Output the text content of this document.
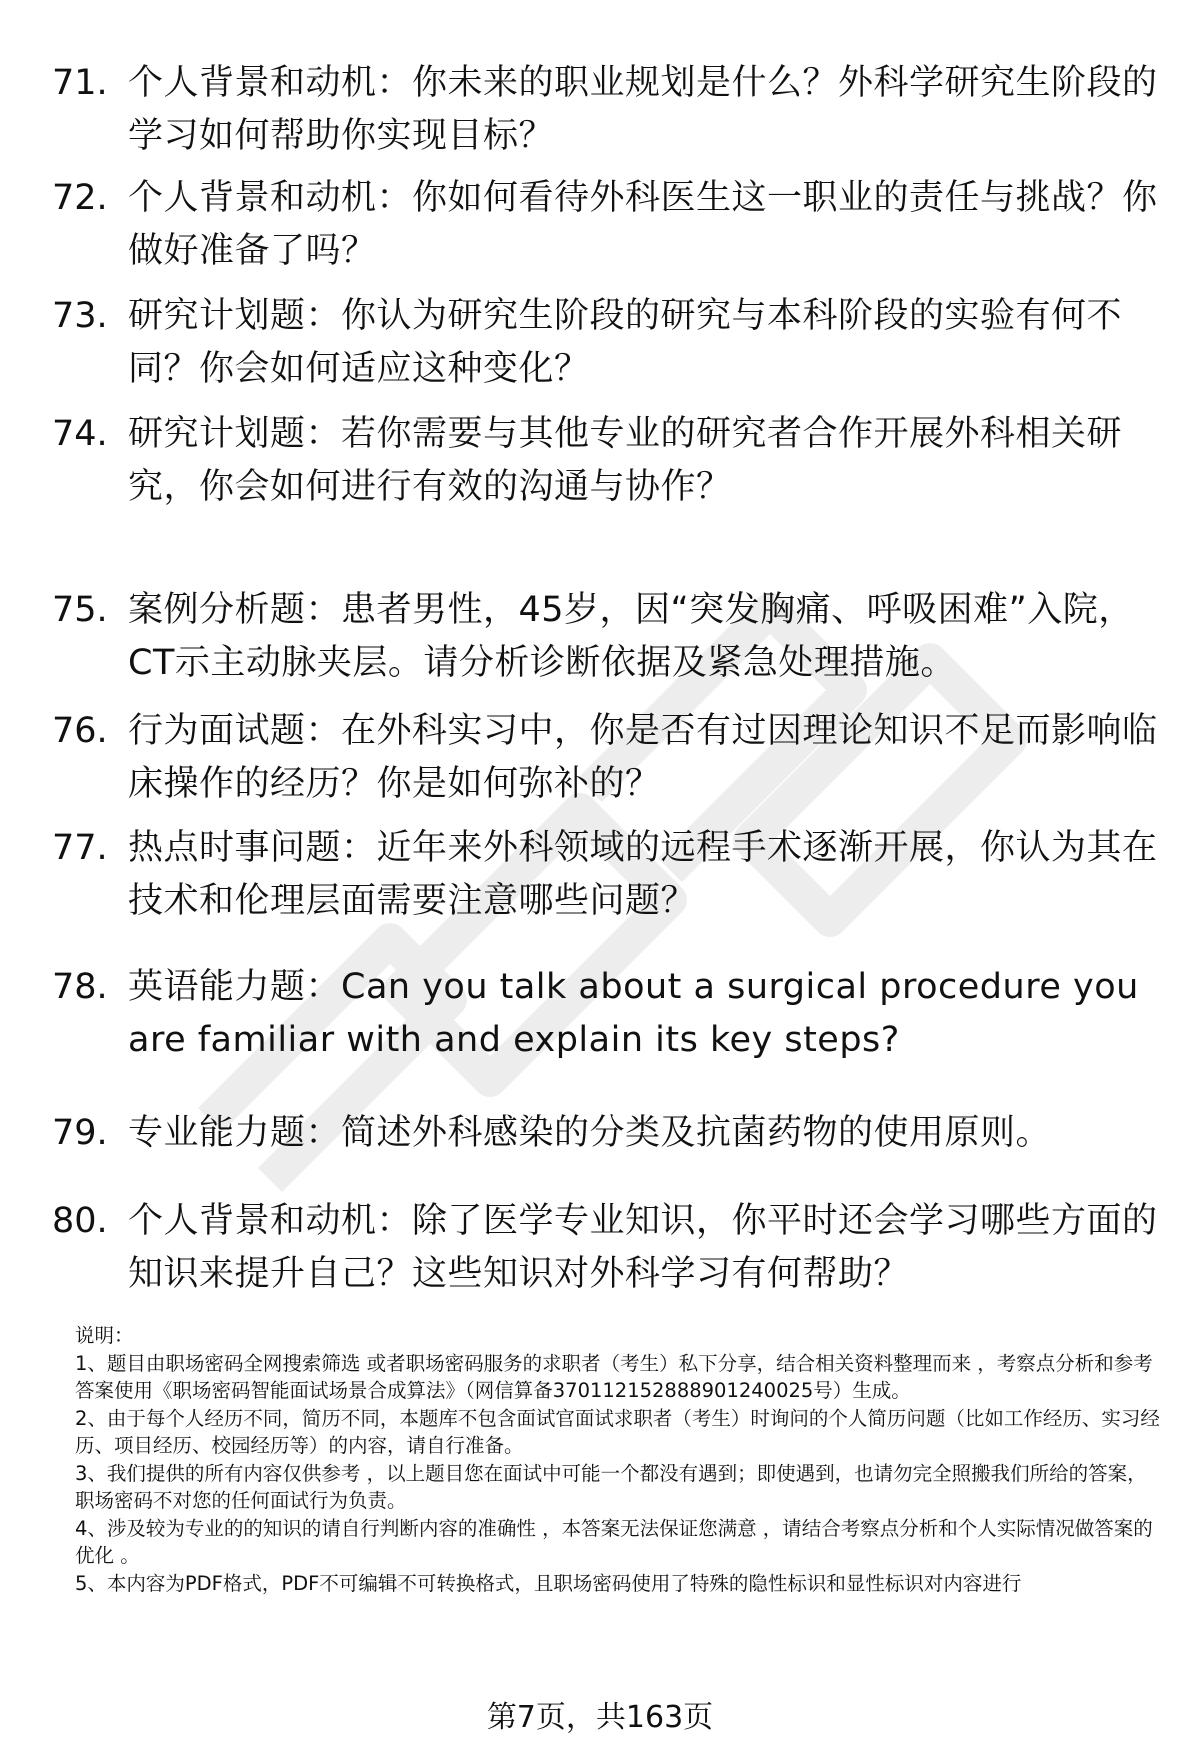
71. 个人背景和动机：你未来的职业规划是什么？外科学研究生阶段的学习如何帮助你实现目标？
72. 个人背景和动机：你如何看待外科医生这一职业的责任与挑战？你做好准备了吗？
73. 研究计划题：你认为研究生阶段的研究与本科阶段的实验有何不同？你会如何适应这种变化？
74. 研究计划题：若你需要与其他专业的研究者合作开展外科相关研究，你会如何进行有效的沟通与协作？
75. 案例分析题：患者男性，45岁，因“突发胸痛、呼吸困难”入院，CT示主动脉夹层。请分析诊断依据及紧急处理措施。
76. 行为面试题：在外科实习中，你是否有过因理论知识不足而影响临床操作的经历？你是如何弥补的？
77. 热点时事问题：近年来外科领域的远程手术逐渐开展，你认为其在技术和伦理层面需要注意哪些问题？
78. 英语能力题：Can you talk about a surgical procedure you are familiar with and explain its key steps?
79. 专业能力题：简述外科感染的分类及抗菌药物的使用原则。
80. 个人背景和动机：除了医学专业知识，你平时还会学习哪些方面的知识来提升自己？这些知识对外科学习有何帮助？
说明：
1、题目由职场密码全网搜索筛选 或者职场密码服务的求职者（考生）私下分享，结合相关资料整理而来 ，考察点分析和参考答案使用《职场密码智能面试场景合成算法》（网信算备370112152888901240025号）生成。
2、由于每个人经历不同，简历不同，本题库不包含面试官面试求职者（考生）时询问的个人简历问题（比如工作经历、实习经历、项目经历、校园经历等）的内容，请自行准备。
3、我们提供的所有内容仅供参考 ，以上题目您在面试中可能一个都没有遇到；即使遇到，也请勿完全照搬我们所给的答案，职场密码不对您的任何面试行为负责。
4、涉及较为专业的的知识的请自行判断内容的准确性 ，本答案无法保证您满意 ，请结合考察点分析和个人实际情况做答案的优化 。
5、本内容为PDF格式，PDF不可编辑不可转换格式，且职场密码使用了特殊的隐性标识和显性标识对内容进行
第7页，共163页
